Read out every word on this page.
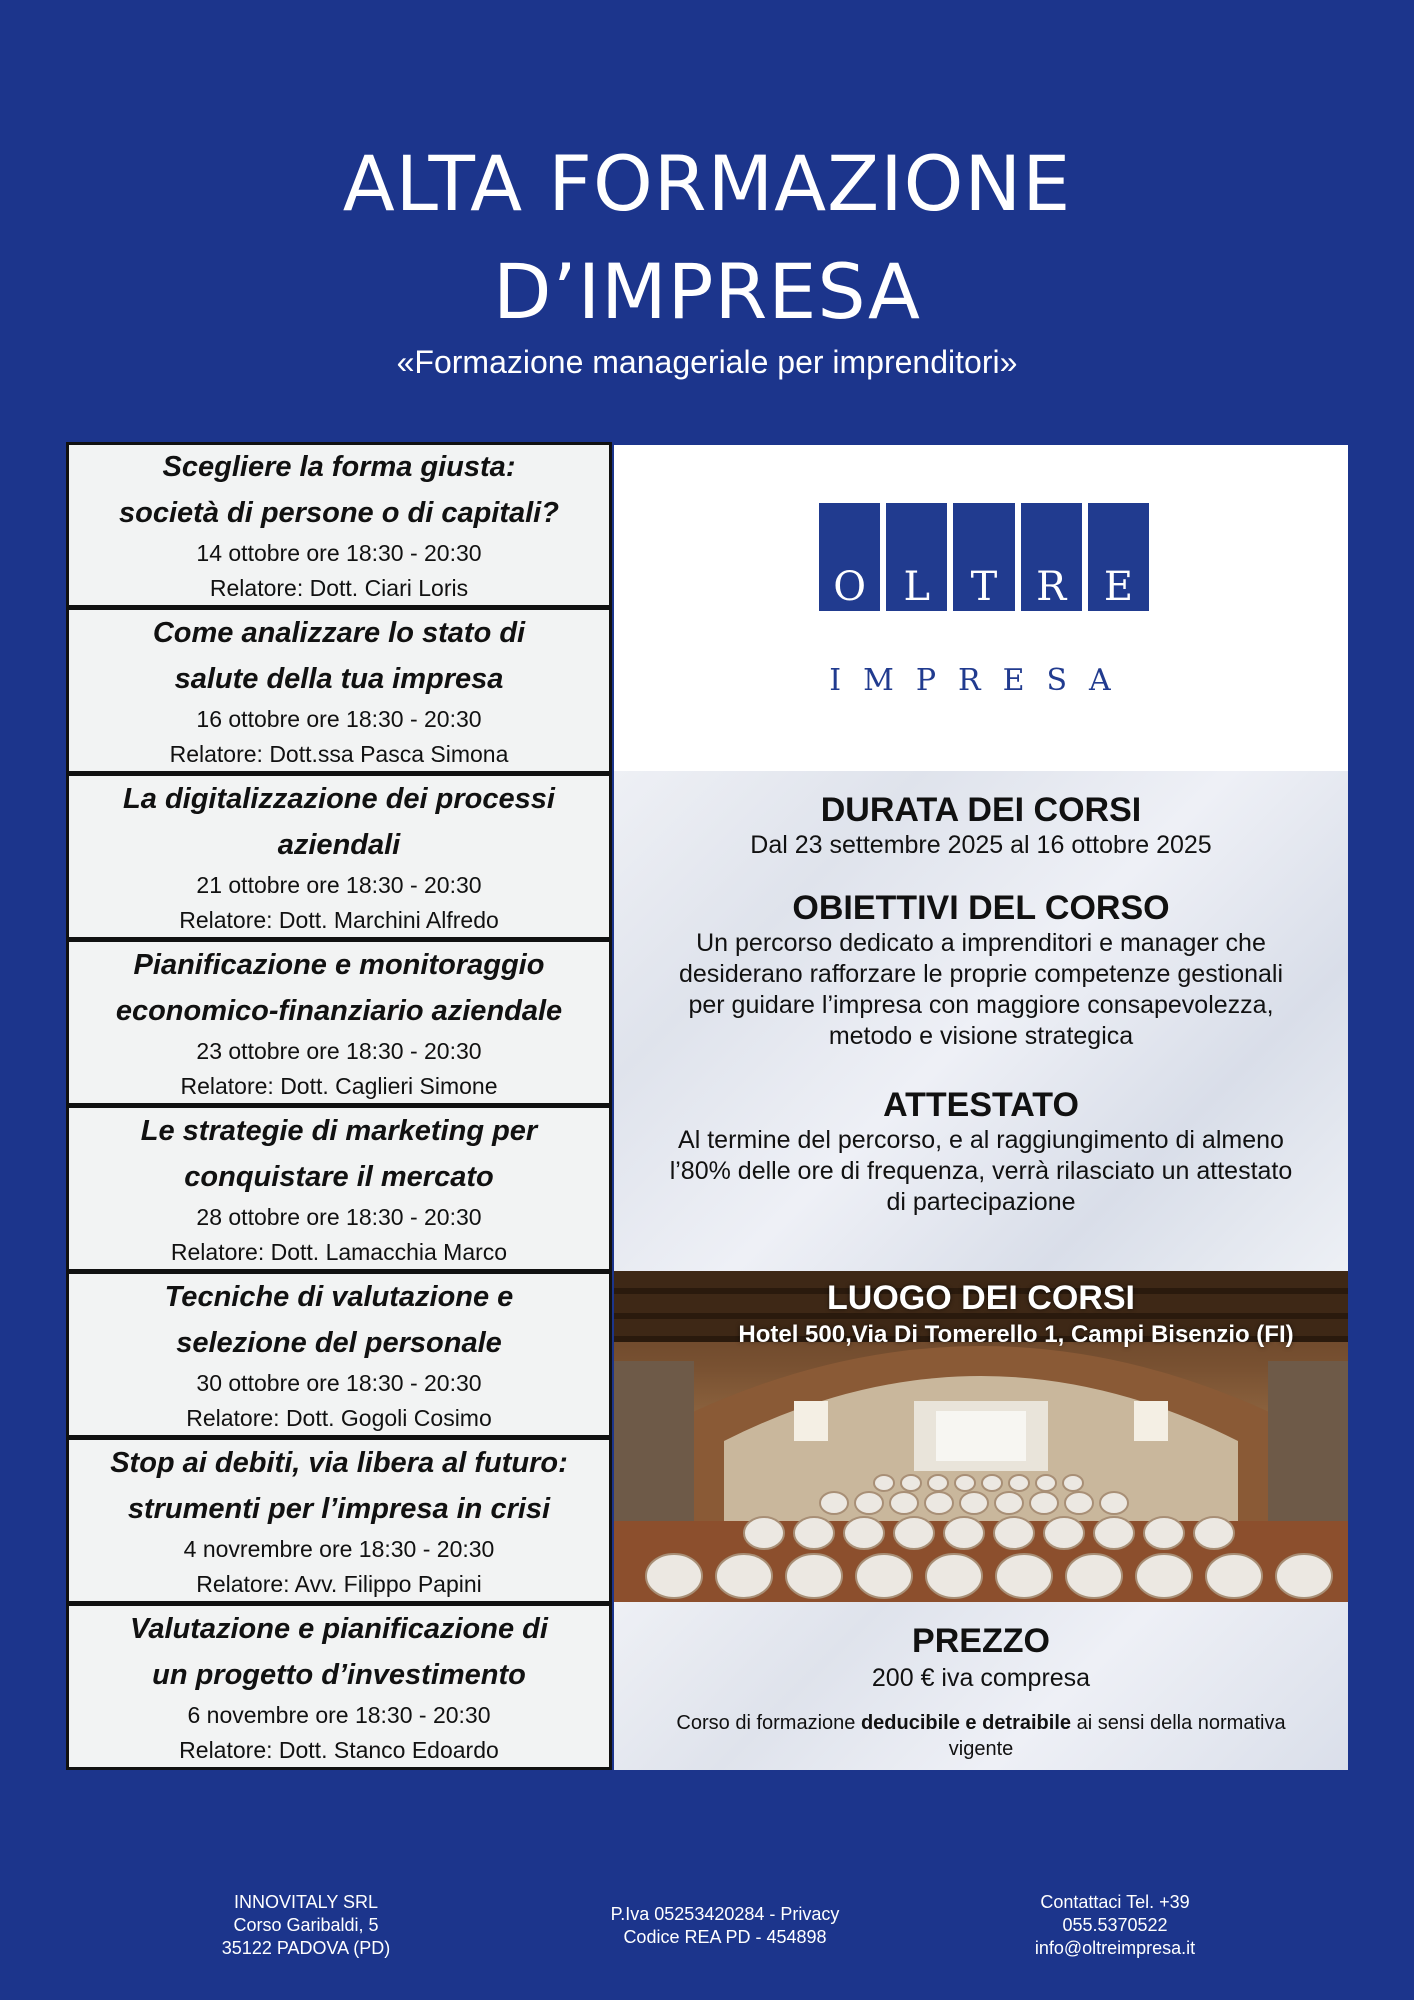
ALTA FORMAZIONE
D’IMPRESA
«Formazione manageriale per imprenditori»
Scegliere la forma giusta:
società di persone o di capitali?
14 ottobre ore 18:30 - 20:30
Relatore: Dott. Ciari Loris
Come analizzare lo stato di
salute della tua impresa
16 ottobre ore 18:30 - 20:30
Relatore: Dott.ssa Pasca Simona
La digitalizzazione dei processi
aziendali
21 ottobre ore 18:30 - 20:30
Relatore: Dott. Marchini Alfredo
Pianificazione e monitoraggio
economico-finanziario aziendale
23 ottobre ore 18:30 - 20:30
Relatore: Dott. Caglieri Simone
Le strategie di marketing per
conquistare il mercato
28 ottobre ore 18:30 - 20:30
Relatore: Dott. Lamacchia Marco
Tecniche di valutazione e
selezione del personale
30 ottobre ore 18:30 - 20:30
Relatore: Dott. Gogoli Cosimo
Stop ai debiti, via libera al futuro:
strumenti per l’impresa in crisi
4 novrembre ore 18:30 - 20:30
Relatore: Avv. Filippo Papini
Valutazione e pianificazione di
un progetto d’investimento
6 novembre ore 18:30 - 20:30
Relatore: Dott. Stanco Edoardo
O L	T R E
IMPRESA
DURATA DEI CORSI
Dal 23 settembre 2025 al 16 ottobre 2025
OBIETTIVI DEL CORSO
Un percorso dedicato a imprenditori e manager che
desiderano rafforzare le proprie competenze gestionali
per guidare l’impresa con maggiore consapevolezza,
metodo e visione strategica
ATTESTATO
Al termine del percorso, e al raggiungimento di almeno
l’80% delle ore di frequenza, verrà rilasciato un attestato
di partecipazione
LUOGO DEI CORSI
Hotel 500,Via Di Tomerello 1, Campi Bisenzio (FI)
PREZZO
200 € iva compresa
Corso di formazione deducibile e detraibile ai sensi della normativa
vigente
INNOVITALY SRL
Corso Garibaldi, 5
35122 PADOVA (PD)
P.Iva 05253420284 - Privacy
Codice REA PD - 454898
Contattaci Tel. +39
055.5370522
info@oltreimpresa.it
